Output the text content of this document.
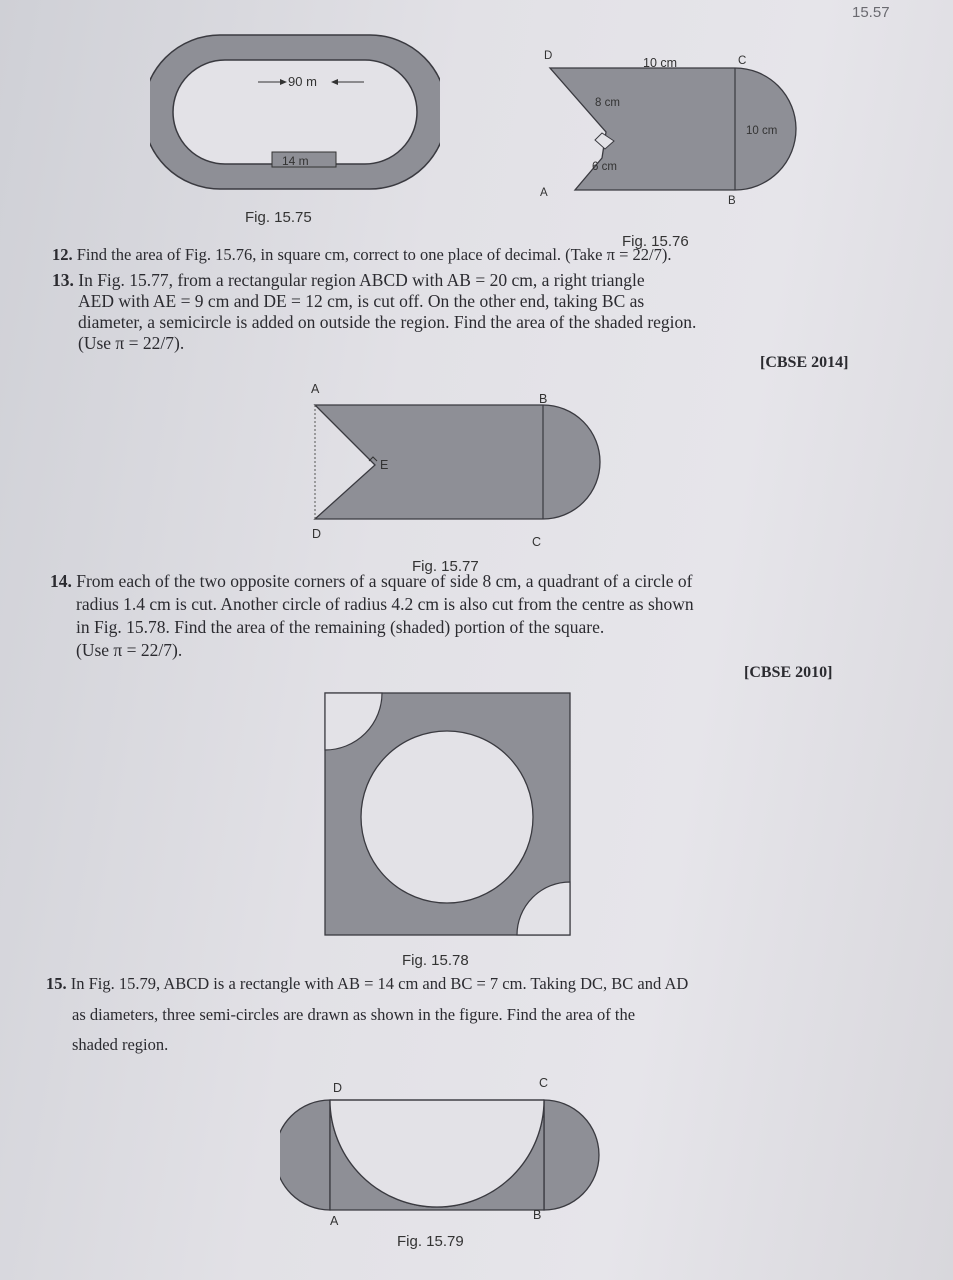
15.57
90 m
14 m
Fig. 15.75
D	C
A
B
10 cm
10 cm
8 cm
6 cm
Fig. 15.76
12. Find the area of Fig. 15.76, in square cm, correct to one place of decimal. (Take π = 22/7).
13. In Fig. 15.77, from a rectangular region ABCD with AB = 20 cm, a right triangle
AED with AE = 9 cm and DE = 12 cm, is cut off. On the other end, taking BC as
diameter, a semicircle is added on outside the region. Find the area of the shaded region.
(Use π = 22/7).
[CBSE 2014]
A
B
C
D
E
Fig. 15.77
14. From each of the two opposite corners of a square of side 8 cm, a quadrant of a circle of
radius 1.4 cm is cut. Another circle of radius 4.2 cm is also cut from the centre as shown
in Fig. 15.78. Find the area of the remaining (shaded) portion of the square.
(Use π = 22/7).
[CBSE 2010]
Fig. 15.78
15. In Fig. 15.79, ABCD is a rectangle with AB = 14 cm and BC = 7 cm. Taking DC, BC and AD
as diameters, three semi-circles are drawn as shown in the figure. Find the area of the
shaded region.
D	C
A	B
Fig. 15.79
